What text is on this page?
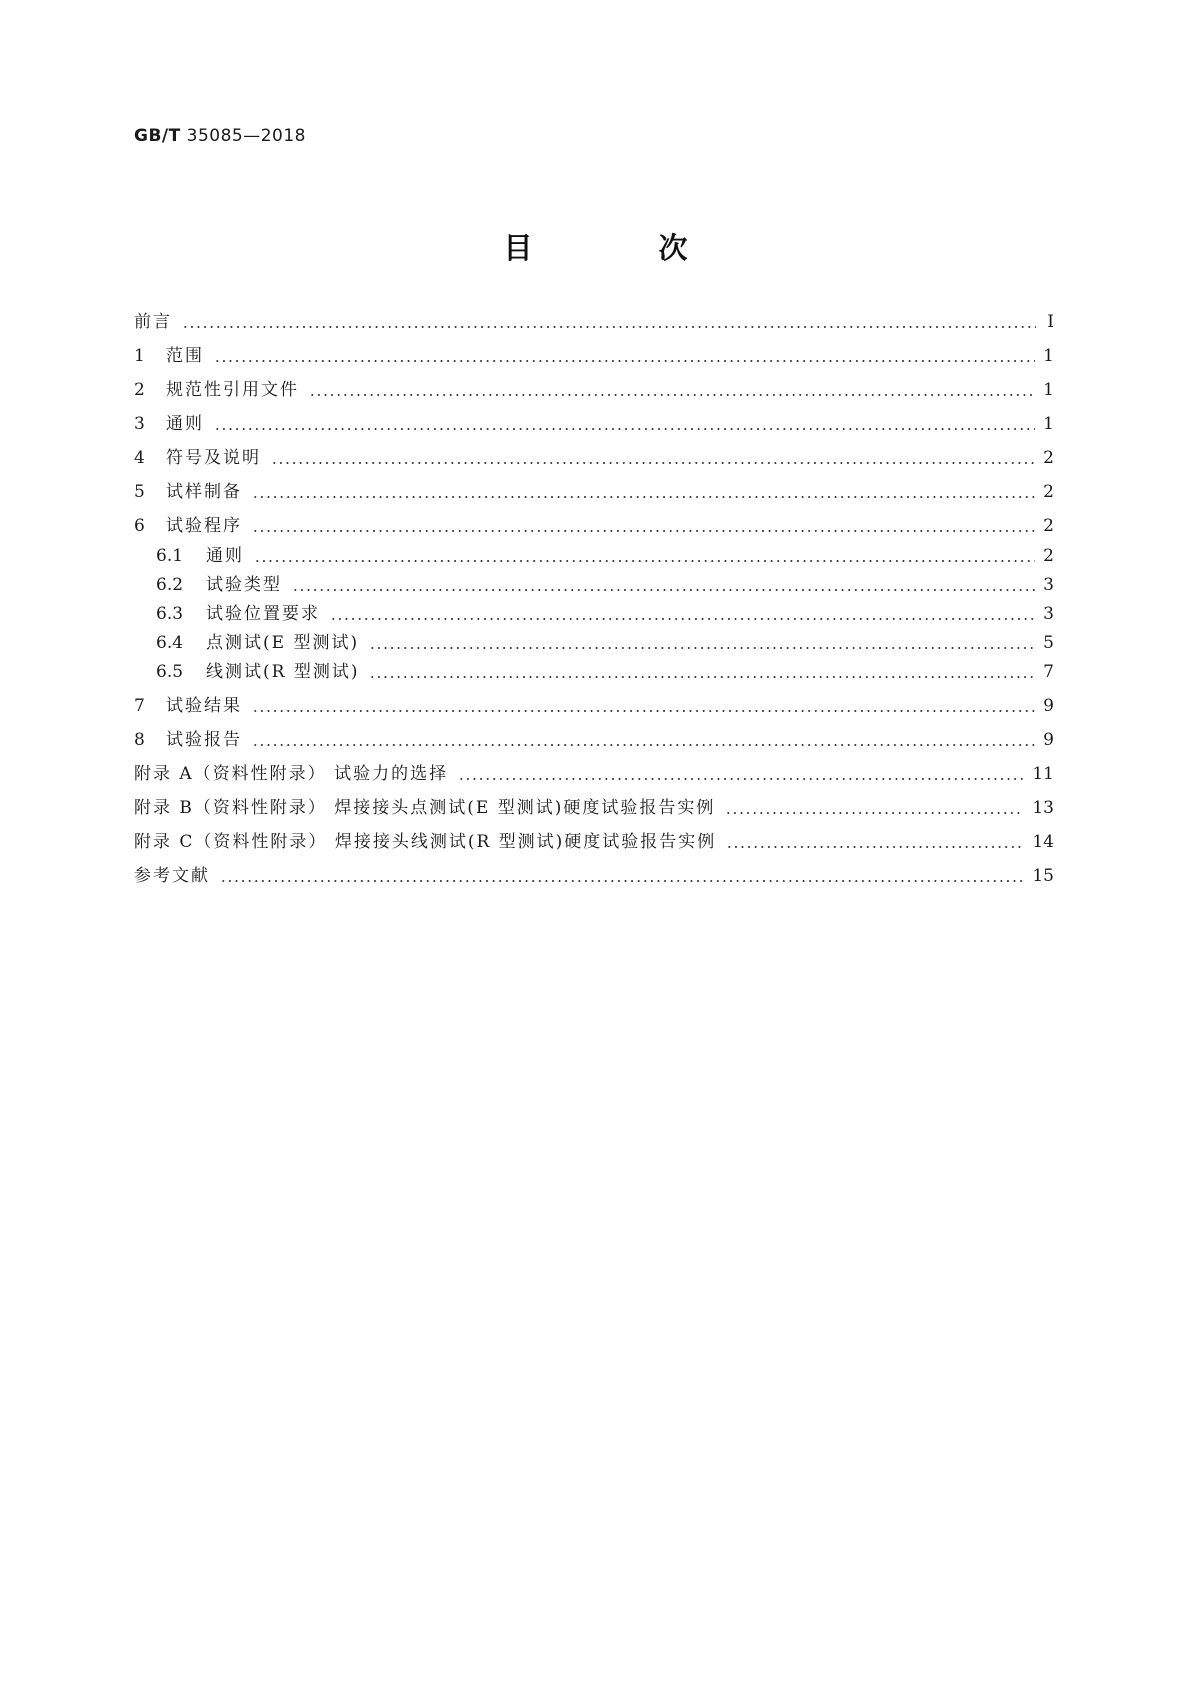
GB/T 35085—2018
目 次
前言	Ⅰ
1	范围	1
2	规范性引用文件	1
3	通则	1
4	符号及说明	2
5	试样制备	2
6	试验程序	2
6.1	通则	2
6.2	试验类型	3
6.3	试验位置要求	3
6.4	点测试(E 型测试)	5
6.5	线测试(R 型测试)	7
7	试验结果	9
8	试验报告	9
附录 A（资料性附录） 试验力的选择	11
附录 B（资料性附录） 焊接接头点测试(E 型测试)硬度试验报告实例	13
附录 C（资料性附录） 焊接接头线测试(R 型测试)硬度试验报告实例	14
参考文献	15
